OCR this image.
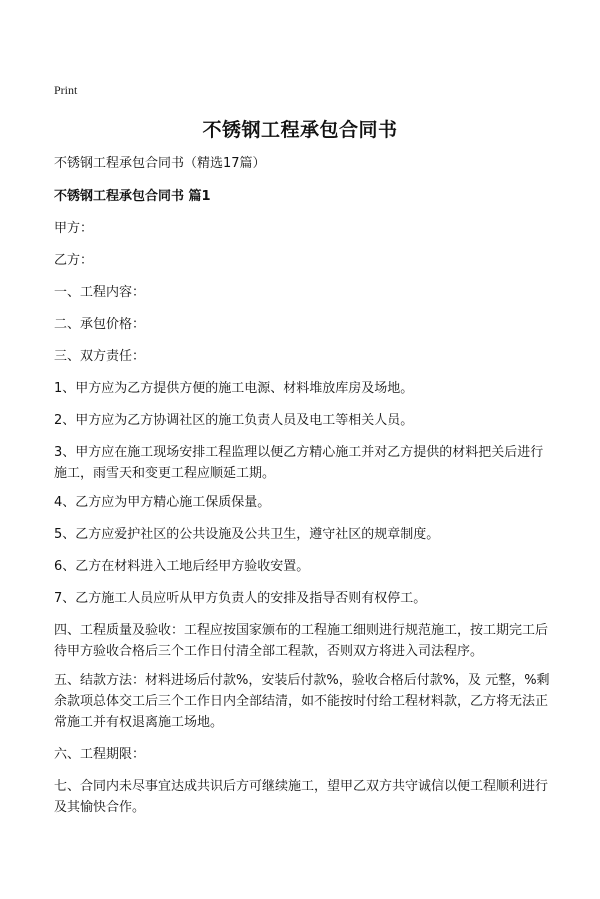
Print
不锈钢工程承包合同书

不锈钢工程承包合同书（精选17篇）

不锈钢工程承包合同书 篇1

甲方：

乙方：

一、工程内容：

二、承包价格：

三、双方责任：

1、甲方应为乙方提供方便的施工电源、材料堆放库房及场地。

2、甲方应为乙方协调社区的施工负责人员及电工等相关人员。

3、甲方应在施工现场安排工程监理以便乙方精心施工并对乙方提供的材料把关后进行施工，雨雪天和变更工程应顺延工期。

4、乙方应为甲方精心施工保质保量。

5、乙方应爱护社区的公共设施及公共卫生，遵守社区的规章制度。

6、乙方在材料进入工地后经甲方验收安置。

7、乙方施工人员应听从甲方负责人的安排及指导否则有权停工。

四、工程质量及验收：工程应按国家颁布的工程施工细则进行规范施工，按工期完工后待甲方验收合格后三个工作日付清全部工程款，否则双方将进入司法程序。

五、结款方法：材料进场后付款%，安装后付款%，验收合格后付款%，及 元整，%剩余款项总体交工后三个工作日内全部结清，如不能按时付给工程材料款，乙方将无法正常施工并有权退离施工场地。

六、工程期限：

七、合同内未尽事宜达成共识后方可继续施工，望甲乙双方共守诚信以便工程顺利进行及其愉快合作。
